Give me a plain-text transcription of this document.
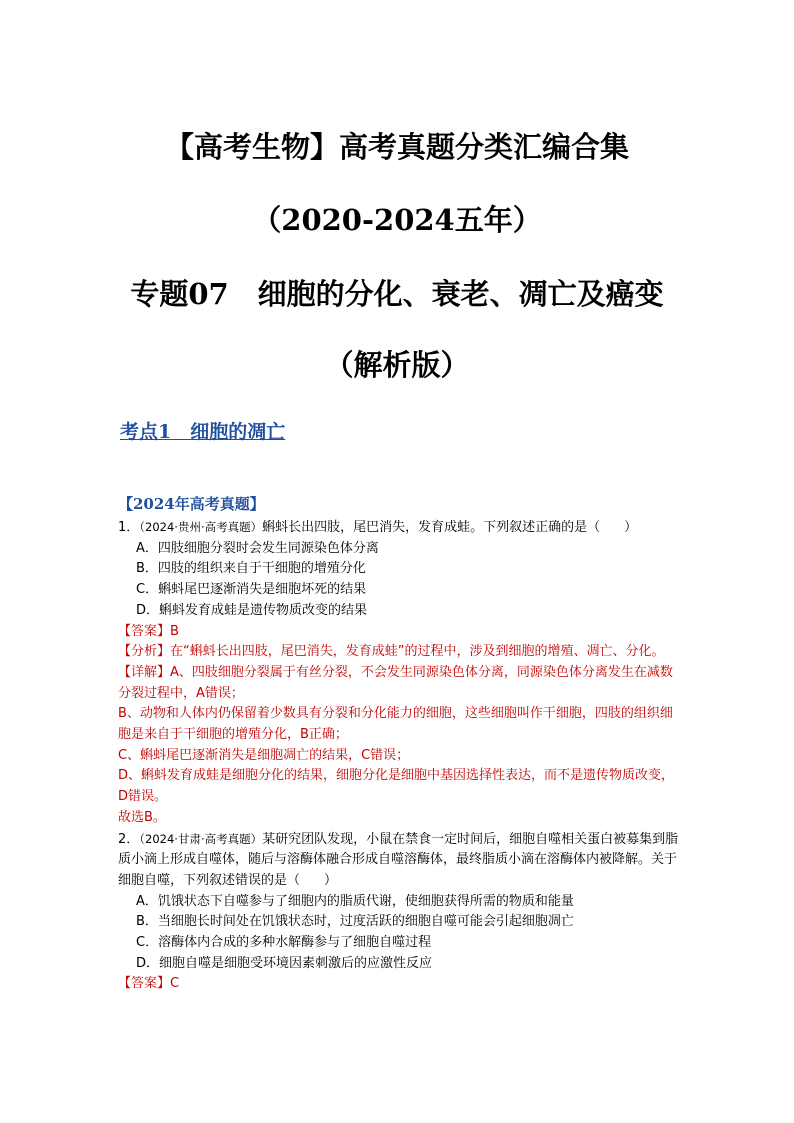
【高考生物】高考真题分类汇编合集
（2020-2024五年）
专题07　细胞的分化、衰老、凋亡及癌变
（解析版）
考点1　细胞的凋亡

【2024年高考真题】

1．（2024·贵州·高考真题）蝌蚪长出四肢，尾巴消失，发育成蛙。下列叙述正确的是（ ）

A．四肢细胞分裂时会发生同源染色体分离

B．四肢的组织来自于干细胞的增殖分化

C．蝌蚪尾巴逐渐消失是细胞坏死的结果

D．蝌蚪发育成蛙是遗传物质改变的结果

【答案】B

【分析】在“蝌蚪长出四肢，尾巴消失，发育成蛙”的过程中，涉及到细胞的增殖、凋亡、分化。

【详解】A、四肢细胞分裂属于有丝分裂，不会发生同源染色体分离，同源染色体分离发生在减数分裂过程中，A错误；

B、动物和人体内仍保留着少数具有分裂和分化能力的细胞，这些细胞叫作干细胞，四肢的组织细胞是来自于干细胞的增殖分化，B正确；

C、蝌蚪尾巴逐渐消失是细胞凋亡的结果，C错误；

D、蝌蚪发育成蛙是细胞分化的结果，细胞分化是细胞中基因选择性表达，而不是遗传物质改变，D错误。

故选B。

2．（2024·甘肃·高考真题）某研究团队发现，小鼠在禁食一定时间后，细胞自噬相关蛋白被募集到脂质小滴上形成自噬体，随后与溶酶体融合形成自噬溶酶体，最终脂质小滴在溶酶体内被降解。关于细胞自噬，下列叙述错误的是（ ）

A．饥饿状态下自噬参与了细胞内的脂质代谢，使细胞获得所需的物质和能量

B．当细胞长时间处在饥饿状态时，过度活跃的细胞自噬可能会引起细胞凋亡

C．溶酶体内合成的多种水解酶参与了细胞自噬过程

D．细胞自噬是细胞受环境因素刺激后的应激性反应

【答案】C
